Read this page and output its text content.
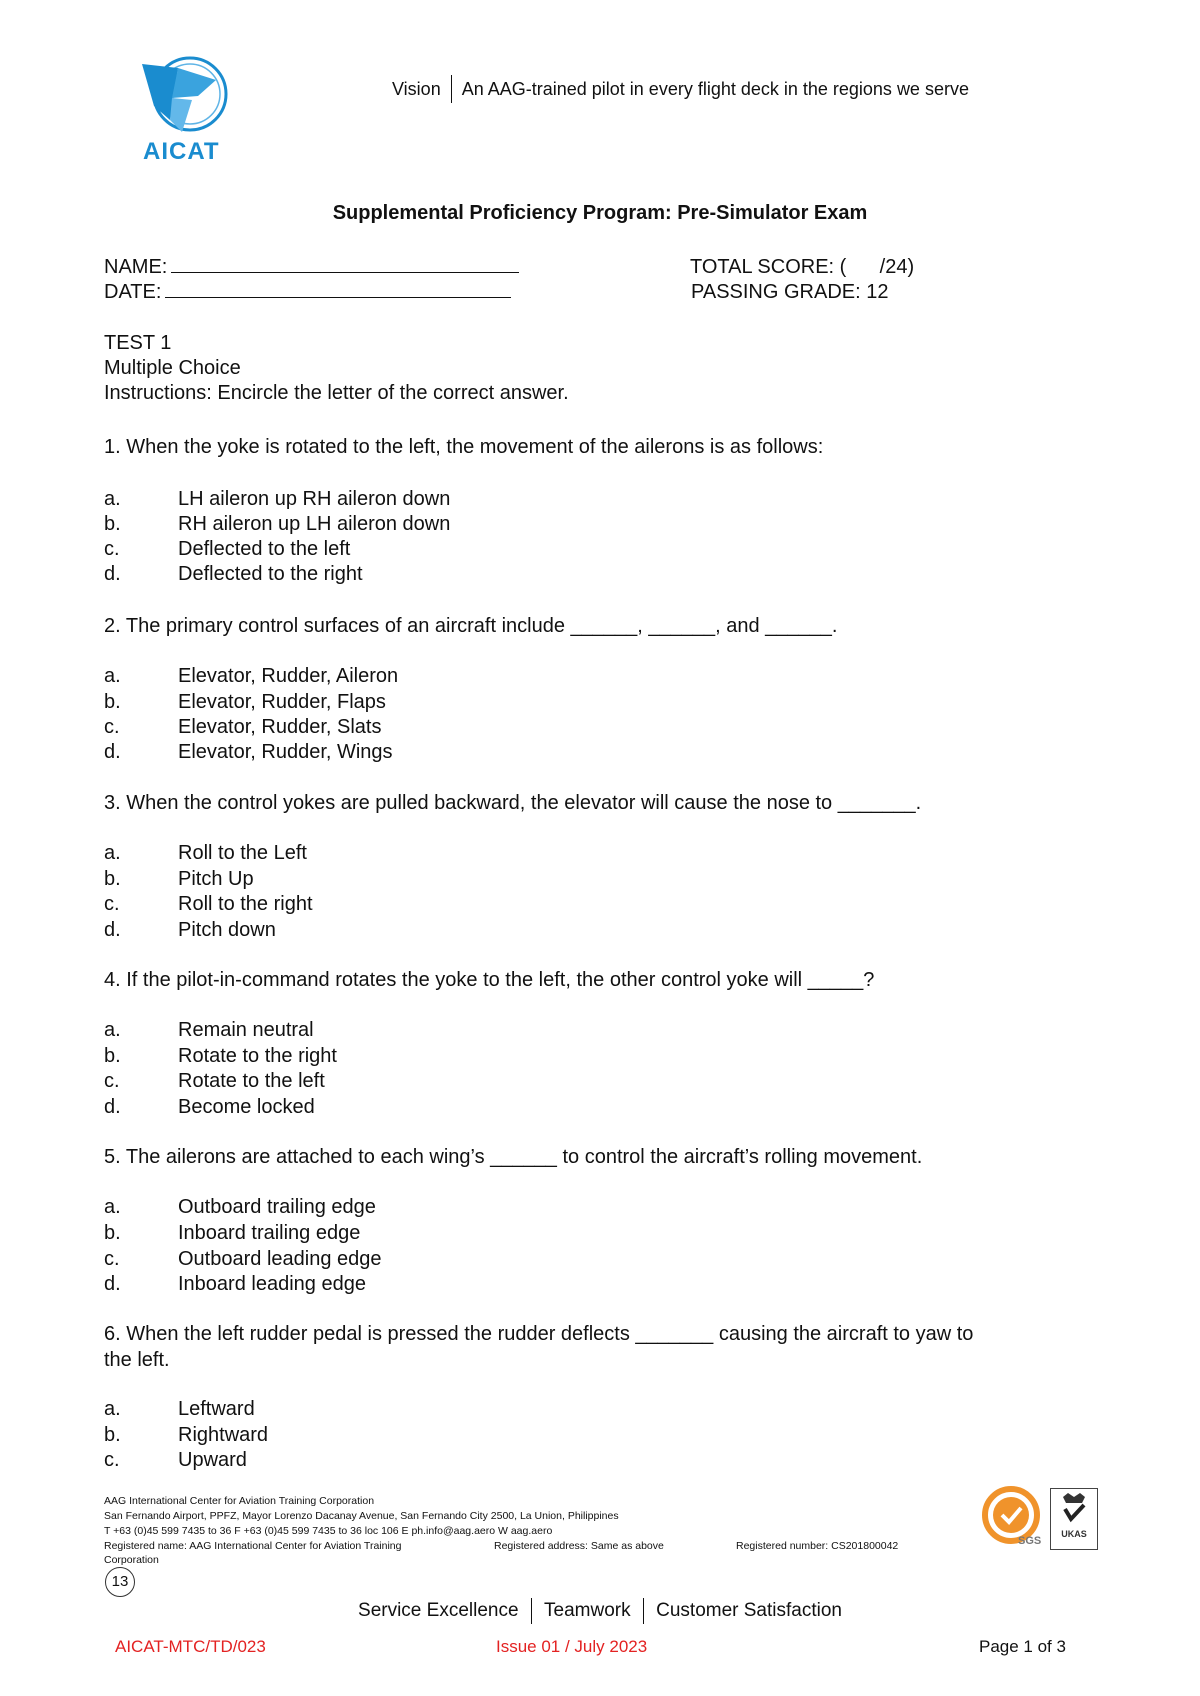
AICAT
Vision An AAG-trained pilot in every flight deck in the regions we serve
Supplemental Proficiency Program: Pre-Simulator Exam
NAME:
DATE:
TOTAL SCORE: (      /24)
PASSING GRADE: 12
TEST 1
Multiple Choice
Instructions: Encircle the letter of the correct answer.
1. When the yoke is rotated to the left, the movement of the ailerons is as follows:
a.	LH aileron up RH aileron down
b.	RH aileron up LH aileron down
c.	Deflected to the left
d.	Deflected to the right
2. The primary control surfaces of an aircraft include ______, ______, and ______.
a.	Elevator, Rudder, Aileron
b.	Elevator, Rudder, Flaps
c.	Elevator, Rudder, Slats
d.	Elevator, Rudder, Wings
3. When the control yokes are pulled backward, the elevator will cause the nose to _______.
a.	Roll to the Left
b.	Pitch Up
c.	Roll to the right
d.	Pitch down
4. If the pilot-in-command rotates the yoke to the left, the other control yoke will _____?
a.	Remain neutral
b.	Rotate to the right
c.	Rotate to the left
d.	Become locked
5. The ailerons are attached to each wing’s ______ to control the aircraft’s rolling movement.
a.	Outboard trailing edge
b.	Inboard trailing edge
c.	Outboard leading edge
d.	Inboard leading edge
6. When the left rudder pedal is pressed the rudder deflects _______ causing the aircraft to yaw to
the left.
a.	Leftward
b.	Rightward
c.	Upward
AAG International Center for Aviation Training Corporation
San Fernando Airport, PPFZ, Mayor Lorenzo Dacanay Avenue, San Fernando City 2500, La Union, Philippines
T +63 (0)45 599 7435 to 36 F +63 (0)45 599 7435 to 36 loc 106 E ph.info@aag.aero W aag.aero
Registered name: AAG International Center for Aviation Training	Registered address: Same as above	Registered number: CS201800042
Corporation
SGS
UKAS
13
Service Excellence Teamwork Customer Satisfaction
AICAT-MTC/TD/023	Issue 01 / July 2023	Page 1 of 3
